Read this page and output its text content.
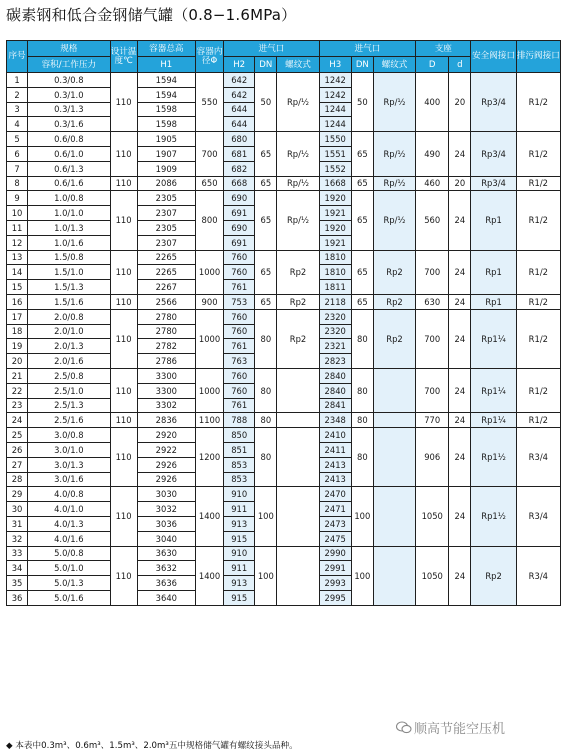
碳素钢和低合金钢储气罐（0.8−1.6MPa）
序号	规格	设计温度℃	容器总高	容器内径Φ	进气口			进气口			支座		安全阀接口	排污阀接口
	容积/工作压力		H1		H2	DN	螺纹式	H3	DN	螺纹式	D	d		
1	0.3/0.8	110	1594	550	642	50	Rp/½	1242	50	Rp/½	400	20	Rp3/4	R1/2
2	0.3/1.0		1594		642			1242						
3	0.3/1.3		1598		644			1244						
4	0.3/1.6		1598		644			1244						
5	0.6/0.8	110	1905	700	680	65	Rp/½	1550	65	Rp/½	490	24	Rp3/4	R1/2
6	0.6/1.0		1907		681			1551						
7	0.6/1.3		1909		682			1552						
8	0.6/1.6	110	2086	650	668	65	Rp/½	1668	65	Rp/½	460	20	Rp3/4	R1/2
9	1.0/0.8	110	2305	800	690	65	Rp/½	1920	65	Rp/½	560	24	Rp1	R1/2
10	1.0/1.0		2307		691			1921						
11	1.0/1.3		2305		690			1920						
12	1.0/1.6		2307		691			1921						
13	1.5/0.8	110	2265	1000	760	65	Rp2	1810	65	Rp2	700	24	Rp1	R1/2
14	1.5/1.0		2265		760			1810						
15	1.5/1.3		2267		761			1811						
16	1.5/1.6	110	2566	900	753	65	Rp2	2118	65	Rp2	630	24	Rp1	R1/2
17	2.0/0.8	110	2780	1000	760	80	Rp2	2320	80	Rp2	700	24	Rp1¼	R1/2
18	2.0/1.0		2780		760			2320						
19	2.0/1.3		2782		761			2321						
20	2.0/1.6		2786		763			2823						
21	2.5/0.8	110	3300	1000	760	80		2840	80		700	24	Rp1¼	R1/2
22	2.5/1.0		3300		760			2840						
23	2.5/1.3		3302		761			2841						
24	2.5/1.6	110	2836	1100	788	80		2348	80		770	24	Rp1¼	R1/2
25	3.0/0.8	110	2920	1200	850	80		2410	80		906	24	Rp1½	R3/4
26	3.0/1.0		2922		851			2411						
27	3.0/1.3		2926		853			2413						
28	3.0/1.6		2926		853			2413						
29	4.0/0.8	110	3030	1400	910	100		2470	100		1050	24	Rp1½	R3/4
30	4.0/1.0		3032		911			2471						
31	4.0/1.3		3036		913			2473						
32	4.0/1.6		3040		915			2475						
33	5.0/0.8	110	3630	1400	910	100		2990	100		1050	24	Rp2	R3/4
34	5.0/1.0		3632		911			2991						
35	5.0/1.3		3636		913			2993						
36	5.0/1.6		3640		915			2995						
顺高节能空压机
◆ 本表中0.3m³、0.6m³、1.5m³、2.0m³五中规格储气罐有螺纹接头品种。
